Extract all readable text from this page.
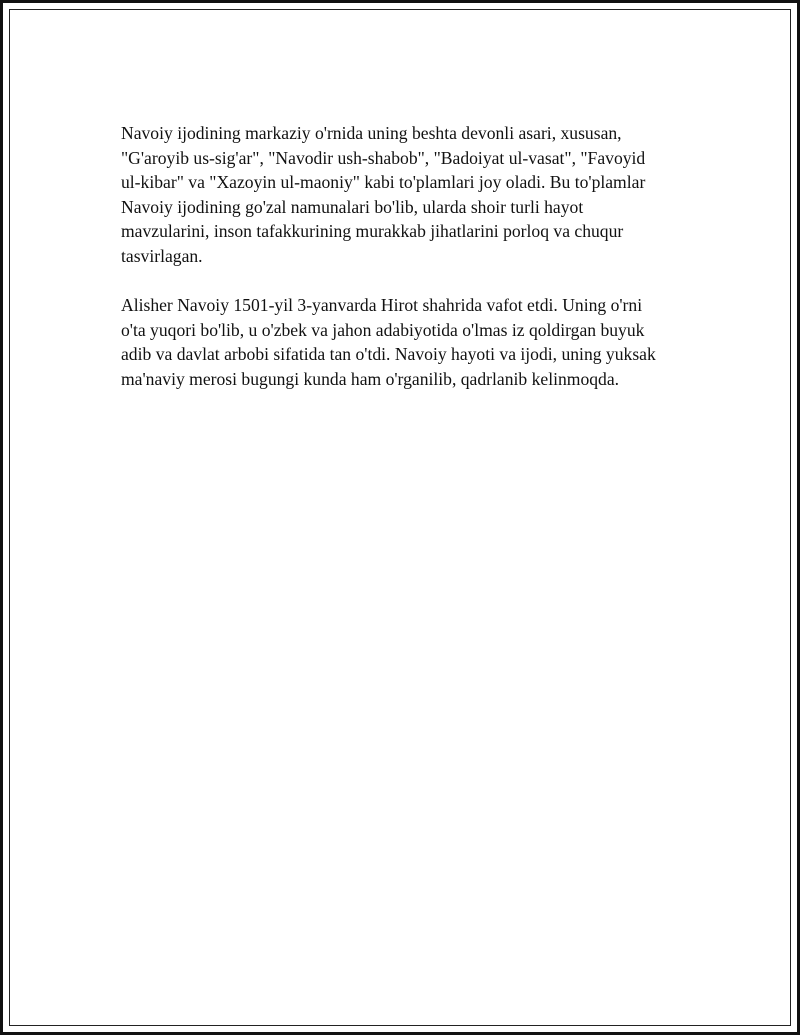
Navoiy ijodining markaziy o'rnida uning beshta devonli asari, xususan,
"G'aroyib us-sig'ar", "Navodir ush-shabob", "Badoiyat ul-vasat", "Favoyid
ul-kibar" va "Xazoyin ul-maoniy" kabi to'plamlari joy oladi. Bu to'plamlar
Navoiy ijodining go'zal namunalari bo'lib, ularda shoir turli hayot
mavzularini, inson tafakkurining murakkab jihatlarini porloq va chuqur
tasvirlagan.

Alisher Navoiy 1501-yil 3-yanvarda Hirot shahrida vafot etdi. Uning o'rni
o'ta yuqori bo'lib, u o'zbek va jahon adabiyotida o'lmas iz qoldirgan buyuk
adib va davlat arbobi sifatida tan o'tdi. Navoiy hayoti va ijodi, uning yuksak
ma'naviy merosi bugungi kunda ham o'rganilib, qadrlanib kelinmoqda.
